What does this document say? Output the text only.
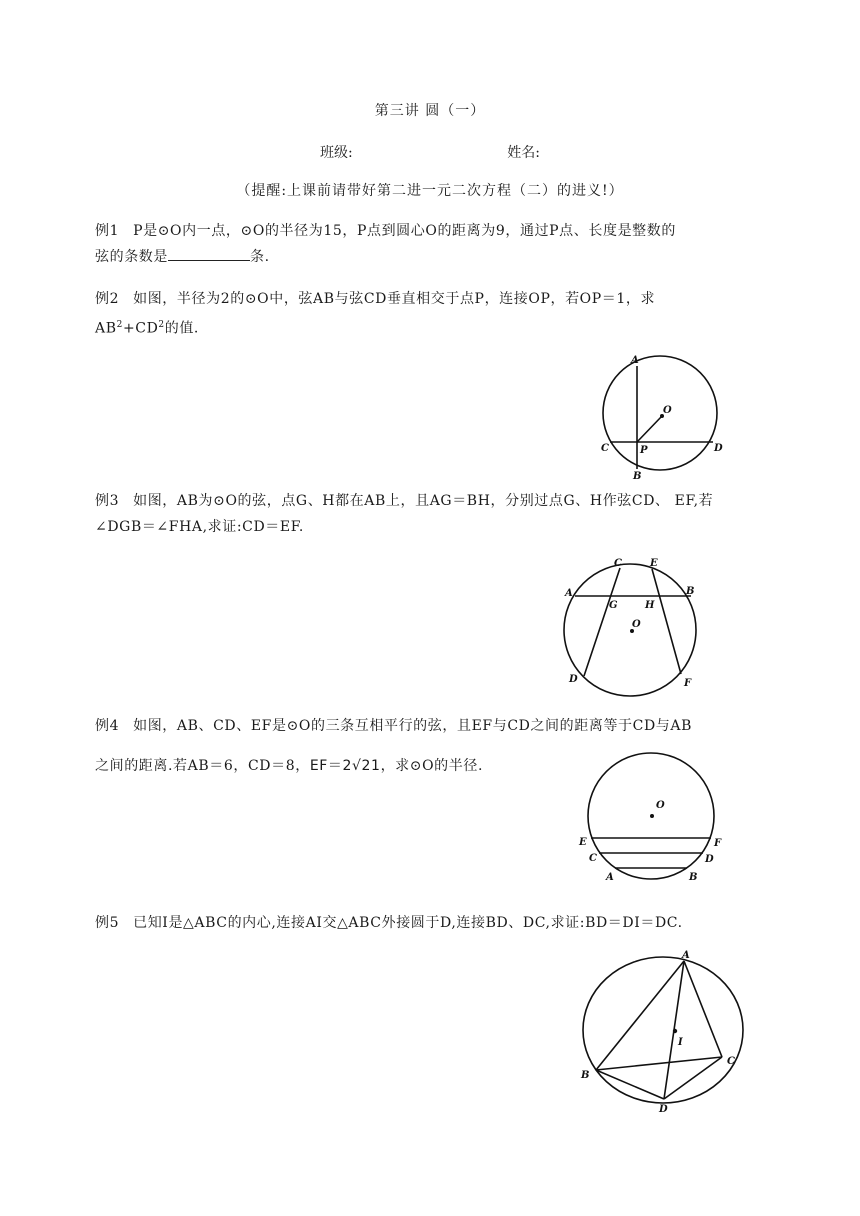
第三讲 圆（一）
班级:	姓名:
（提醒:上课前请带好第二进一元二次方程（二）的进义!）
例1 P是⊙O内一点，⊙O的半径为15，P点到圆心O的距离为9，通过P点、长度是整数的
弦的条数是	条.
例2 如图，半径为2的⊙O中，弦AB与弦CD垂直相交于点P，连接OP，若OP＝1，求
$AB^2+CD^2$的值.
A
O
C	P	D
B
例3 如图，AB为⊙O的弦，点G、H都在AB上，且AG＝BH，分别过点G、H作弦CD、 EF,若
∠DGB＝∠FHA,求证:CD＝EF.
C	E
A	B
G	H
O
D	F
例4 如图，AB、CD、EF是⊙O的三条互相平行的弦，且EF与CD之间的距离等于CD与AB
之间的距离.若AB＝6，CD＝8，EF＝2√21，求⊙O的半径.
O
E	F
C	D
A	B
例5 已知I是△ABC的内心,连接AI交△ABC外接圆于D,连接BD、DC,求证:BD＝DI＝DC.
A
I
B
C
D
